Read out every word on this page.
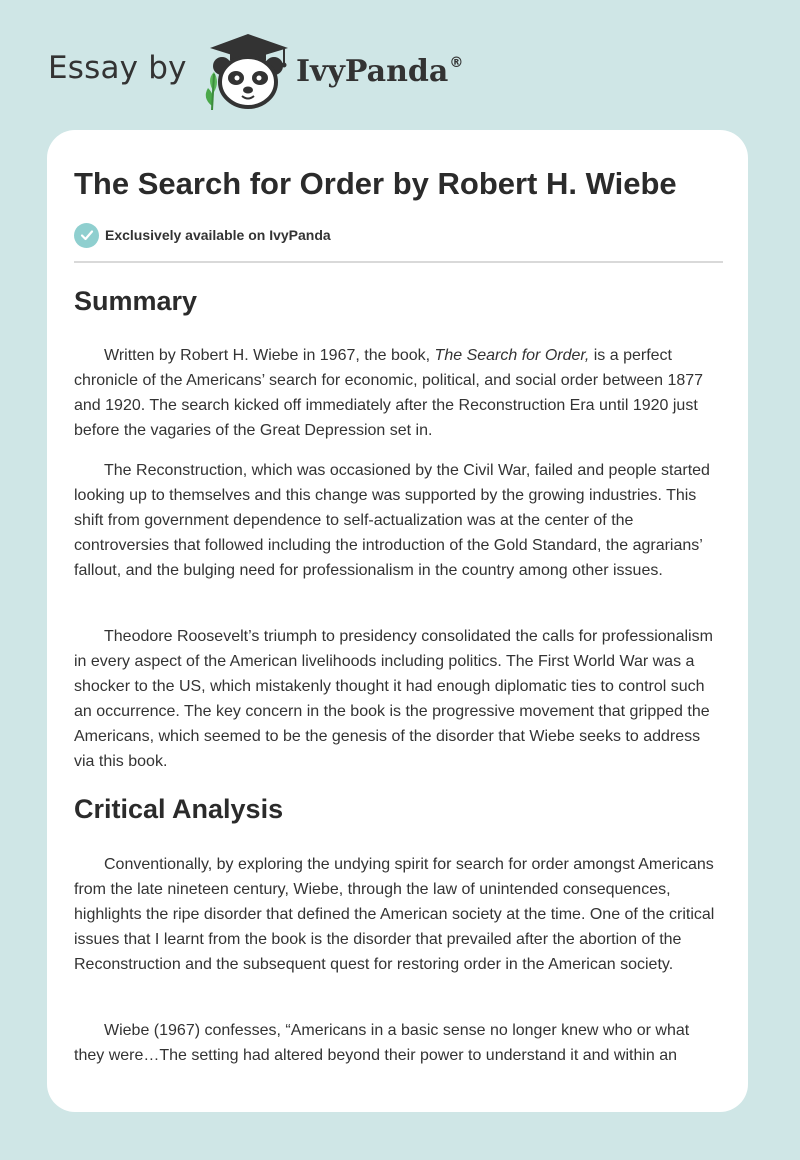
Essay by	IvyPanda®
The Search for Order by Robert H. Wiebe
Exclusively available on IvyPanda
Summary

Written by Robert H. Wiebe in 1967, the book, The Search for Order, is a perfect chronicle of the Americans’ search for economic, political, and social order between 1877 and 1920. The search kicked off immediately after the Reconstruction Era until 1920 just before the vagaries of the Great Depression set in.

The Reconstruction, which was occasioned by the Civil War, failed and people started looking up to themselves and this change was supported by the growing industries. This shift from government dependence to self-actualization was at the center of the controversies that followed including the introduction of the Gold Standard, the agrarians’ fallout, and the bulging need for professionalism in the country among other issues.

Theodore Roosevelt’s triumph to presidency consolidated the calls for professionalism in every aspect of the American livelihoods including politics. The First World War was a shocker to the US, which mistakenly thought it had enough diplomatic ties to control such an occurrence. The key concern in the book is the progressive movement that gripped the Americans, which seemed to be the genesis of the disorder that Wiebe seeks to address via this book.

Critical Analysis

Conventionally, by exploring the undying spirit for search for order amongst Americans from the late nineteen century, Wiebe, through the law of unintended consequences, highlights the ripe disorder that defined the American society at the time. One of the critical issues that I learnt from the book is the disorder that prevailed after the abortion of the Reconstruction and the subsequent quest for restoring order in the American society.

Wiebe (1967) confesses, “Americans in a basic sense no longer knew who or what they were…The setting had altered beyond their power to understand it and within an
